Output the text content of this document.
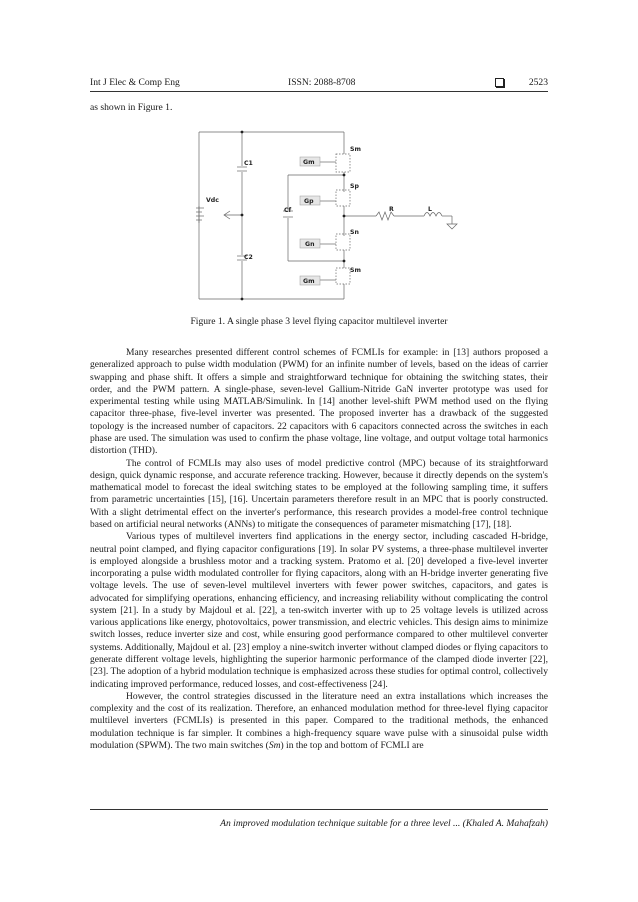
Int J Elec & Comp Eng	ISSN: 2088-8708	2523
as shown in Figure 1.
Sm
Gm
C1
Sp
Gp
Vdc
Cf	R	L
Sn
Gn
C2
Sm
Gm
Figure 1. A single phase 3 level flying capacitor multilevel inverter

Many researches presented different control schemes of FCMLIs for example: in [13] authors proposed a generalized approach to pulse width modulation (PWM) for an infinite number of levels, based on the ideas of carrier swapping and phase shift. It offers a simple and straightforward technique for obtaining the switching states, their order, and the PWM pattern. A single-phase, seven-level Gallium-Nitride GaN inverter prototype was used for experimental testing while using MATLAB/Simulink. In [14] another level-shift PWM method used on the flying capacitor three-phase, five-level inverter was presented. The proposed inverter has a drawback of the suggested topology is the increased number of capacitors. 22 capacitors with 6 capacitors connected across the switches in each phase are used. The simulation was used to confirm the phase voltage, line voltage, and output voltage total harmonics distortion (THD).

The control of FCMLIs may also uses of model predictive control (MPC) because of its straightforward design, quick dynamic response, and accurate reference tracking. However, because it directly depends on the system's mathematical model to forecast the ideal switching states to be employed at the following sampling time, it suffers from parametric uncertainties [15], [16]. Uncertain parameters therefore result in an MPC that is poorly constructed. With a slight detrimental effect on the inverter's performance, this research provides a model-free control technique based on artificial neural networks (ANNs) to mitigate the consequences of parameter mismatching [17], [18].

Various types of multilevel inverters find applications in the energy sector, including cascaded H-bridge, neutral point clamped, and flying capacitor configurations [19]. In solar PV systems, a three-phase multilevel inverter is employed alongside a brushless motor and a tracking system. Pratomo et al. [20] developed a five-level inverter incorporating a pulse width modulated controller for flying capacitors, along with an H-bridge inverter generating five voltage levels. The use of seven-level multilevel inverters with fewer power switches, capacitors, and gates is advocated for simplifying operations, enhancing efficiency, and increasing reliability without complicating the control system [21]. In a study by Majdoul et al. [22], a ten-switch inverter with up to 25 voltage levels is utilized across various applications like energy, photovoltaics, power transmission, and electric vehicles. This design aims to minimize switch losses, reduce inverter size and cost, while ensuring good performance compared to other multilevel converter systems. Additionally, Majdoul et al. [23] employ a nine-switch inverter without clamped diodes or flying capacitors to generate different voltage levels, highlighting the superior harmonic performance of the clamped diode inverter [22], [23]. The adoption of a hybrid modulation technique is emphasized across these studies for optimal control, collectively indicating improved performance, reduced losses, and cost-effectiveness [24].

However, the control strategies discussed in the literature need an extra installations which increases the complexity and the cost of its realization. Therefore, an enhanced modulation method for three-level flying capacitor multilevel inverters (FCMLIs) is presented in this paper. Compared to the traditional methods, the enhanced modulation technique is far simpler. It combines a high-frequency square wave pulse with a sinusoidal pulse width modulation (SPWM). The two main switches (Sm) in the top and bottom of FCMLI are

An improved modulation technique suitable for a three level ... (Khaled A. Mahafzah)
